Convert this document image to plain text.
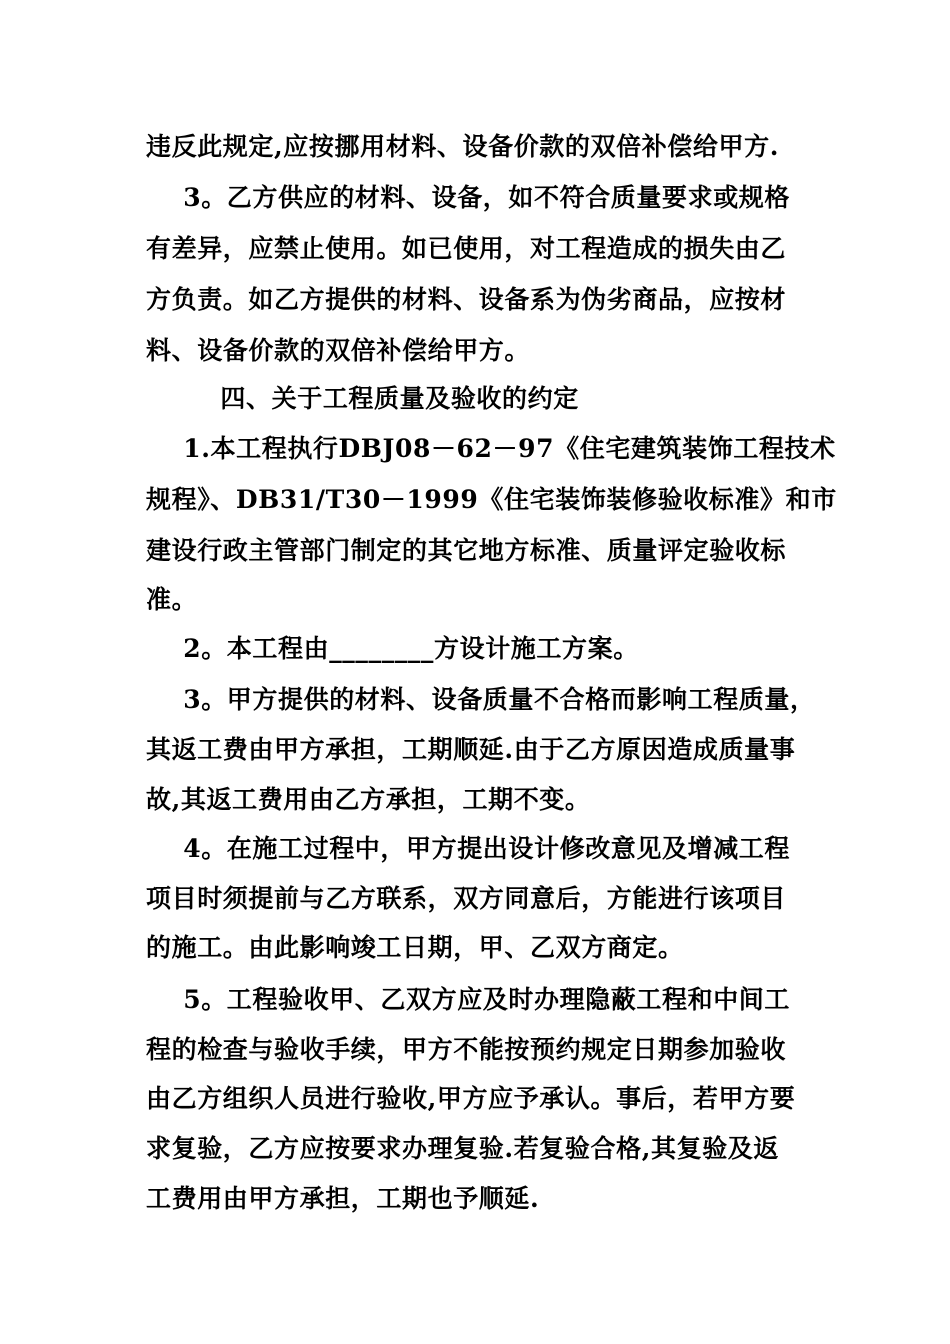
违反此规定,应按挪用材料、设备价款的双倍补偿给甲方.
3。乙方供应的材料、设备，如不符合质量要求或规格
有差异，应禁止使用。如已使用，对工程造成的损失由乙
方负责。如乙方提供的材料、设备系为伪劣商品，应按材
料、设备价款的双倍补偿给甲方。
四、关于工程质量及验收的约定
1.本工程执行DBJ08－62－97《住宅建筑装饰工程技术
规程》、DB31/T30－1999《住宅装饰装修验收标准》和市
建设行政主管部门制定的其它地方标准、质量评定验收标
准。
2。本工程由________方设计施工方案。
3。甲方提供的材料、设备质量不合格而影响工程质量，
其返工费由甲方承担，工期顺延.由于乙方原因造成质量事
故,其返工费用由乙方承担，工期不变。
4。在施工过程中，甲方提出设计修改意见及增减工程
项目时须提前与乙方联系，双方同意后，方能进行该项目
的施工。由此影响竣工日期，甲、乙双方商定。
5。工程验收甲、乙双方应及时办理隐蔽工程和中间工
程的检查与验收手续，甲方不能按预约规定日期参加验收
由乙方组织人员进行验收,甲方应予承认。事后，若甲方要
求复验，乙方应按要求办理复验.若复验合格,其复验及返
工费用由甲方承担，工期也予顺延.
